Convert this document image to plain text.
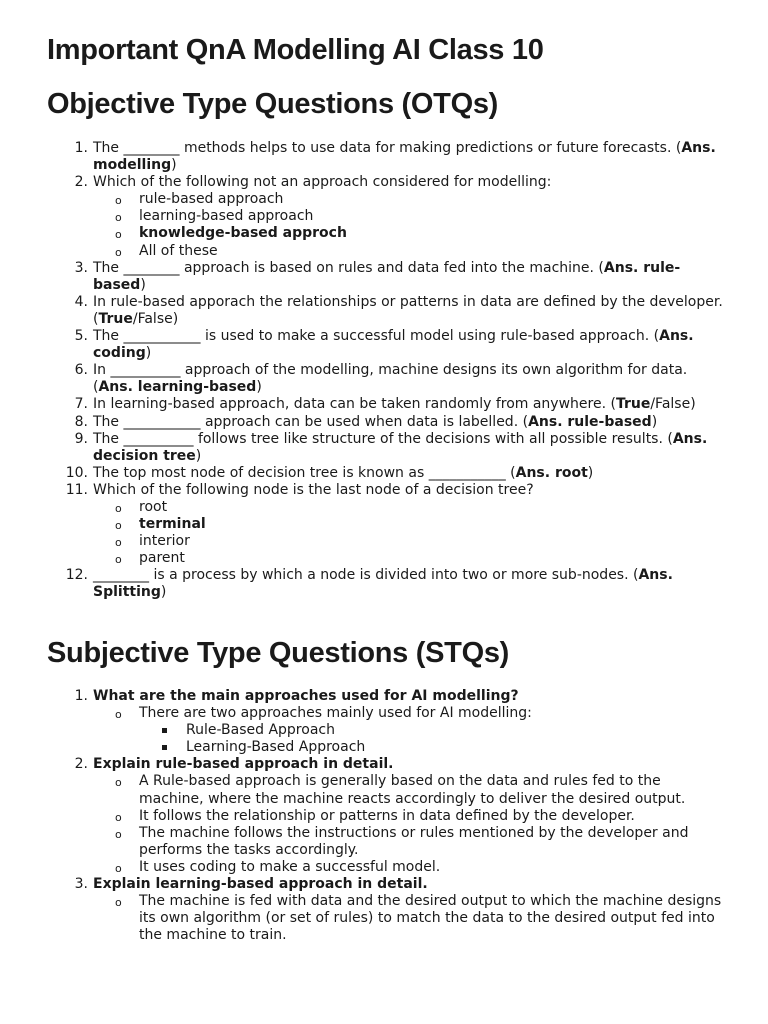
Important QnA Modelling AI Class 10
Objective Type Questions (OTQs)
1. The ________ methods helps to use data for making predictions or future forecasts. (Ans. modelling)
2. Which of the following not an approach considered for modelling:
o rule-based approach
o learning-based approach
o knowledge-based approch
o All of these
3. The ________ approach is based on rules and data fed into the machine. (Ans. rule-based)
4. In rule-based apporach the relationships or patterns in data are defined by the developer. (True/False)
5. The ___________ is used to make a successful model using rule-based approach. (Ans. coding)
6. In __________ approach of the modelling, machine designs its own algorithm for data. (Ans. learning-based)
7. In learning-based approach, data can be taken randomly from anywhere. (True/False)
8. The ___________ approach can be used when data is labelled. (Ans. rule-based)
9. The __________ follows tree like structure of the decisions with all possible results. (Ans. decision tree)
10. The top most node of decision tree is known as ___________ (Ans. root)
11. Which of the following node is the last node of a decision tree?
o root
o terminal
o interior
o parent
12. ________ is a process by which a node is divided into two or more sub-nodes. (Ans. Splitting)
Subjective Type Questions (STQs)
1. What are the main approaches used for AI modelling?
o There are two approaches mainly used for AI modelling:
Rule-Based Approach
Learning-Based Approach
2. Explain rule-based approach in detail.
o A Rule-based approach is generally based on the data and rules fed to the machine, where the machine reacts accordingly to deliver the desired output.
o It follows the relationship or patterns in data defined by the developer.
o The machine follows the instructions or rules mentioned by the developer and performs the tasks accordingly.
o It uses coding to make a successful model.
3. Explain learning-based approach in detail.
o The machine is fed with data and the desired output to which the machine designs its own algorithm (or set of rules) to match the data to the desired output fed into the machine to train.
